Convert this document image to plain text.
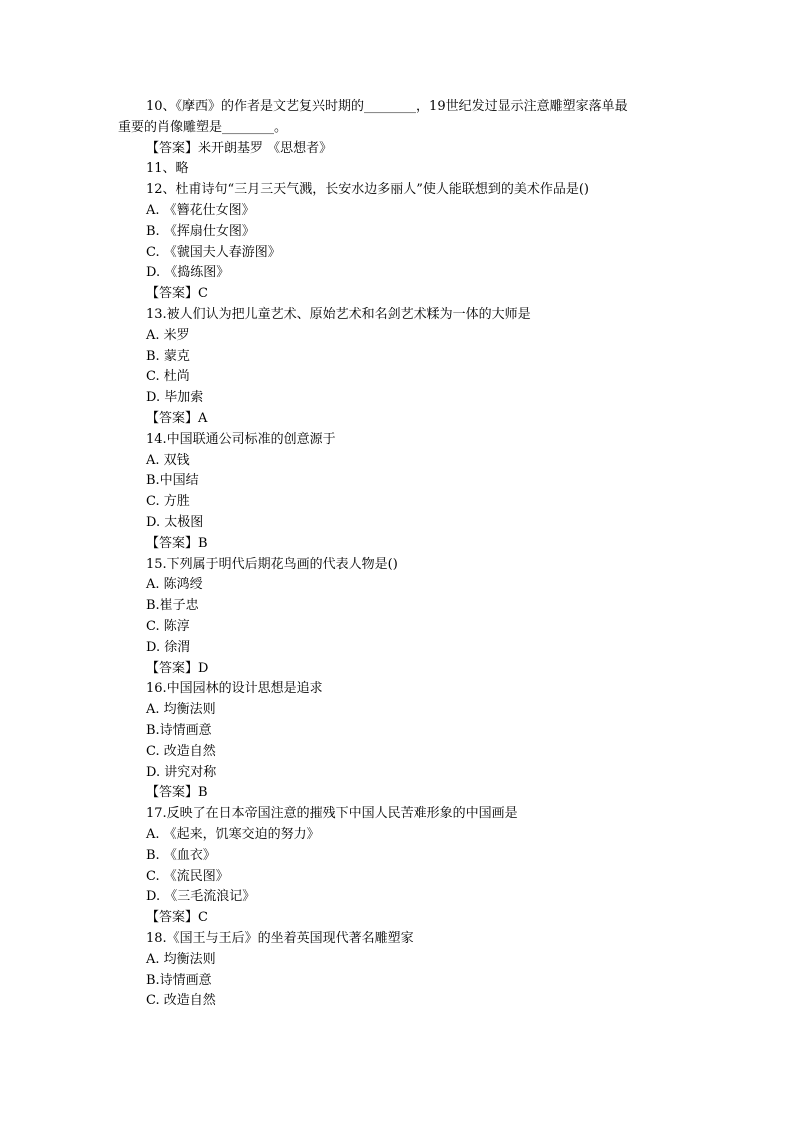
10、《摩西》的作者是文艺复兴时期的________，19世纪发过显示注意雕塑家落单最
重要的肖像雕塑是________。
【答案】米开朗基罗 《思想者》
11、略
12、杜甫诗句“三月三天气溅，长安水边多丽人”使人能联想到的美术作品是()
A. 《簪花仕女图》
B. 《挥扇仕女图》
C. 《虢国夫人春游图》
D. 《捣练图》
【答案】C
13.被人们认为把儿童艺术、原始艺术和名剑艺术糅为一体的大师是
A. 米罗
B. 蒙克
C. 杜尚
D. 毕加索
【答案】A
14.中国联通公司标准的创意源于
A. 双钱
B.中国结
C. 方胜
D. 太极图
【答案】B
15.下列属于明代后期花鸟画的代表人物是()
A. 陈鸿绶
B.崔子忠
C. 陈淳
D. 徐渭
【答案】D
16.中国园林的设计思想是追求
A. 均衡法则
B.诗情画意
C. 改造自然
D. 讲究对称
【答案】B
17.反映了在日本帝国注意的摧残下中国人民苦难形象的中国画是
A. 《起来，饥寒交迫的努力》
B. 《血衣》
C. 《流民图》
D. 《三毛流浪记》
【答案】C
18.《国王与王后》的坐着英国现代著名雕塑家
A. 均衡法则
B.诗情画意
C. 改造自然
